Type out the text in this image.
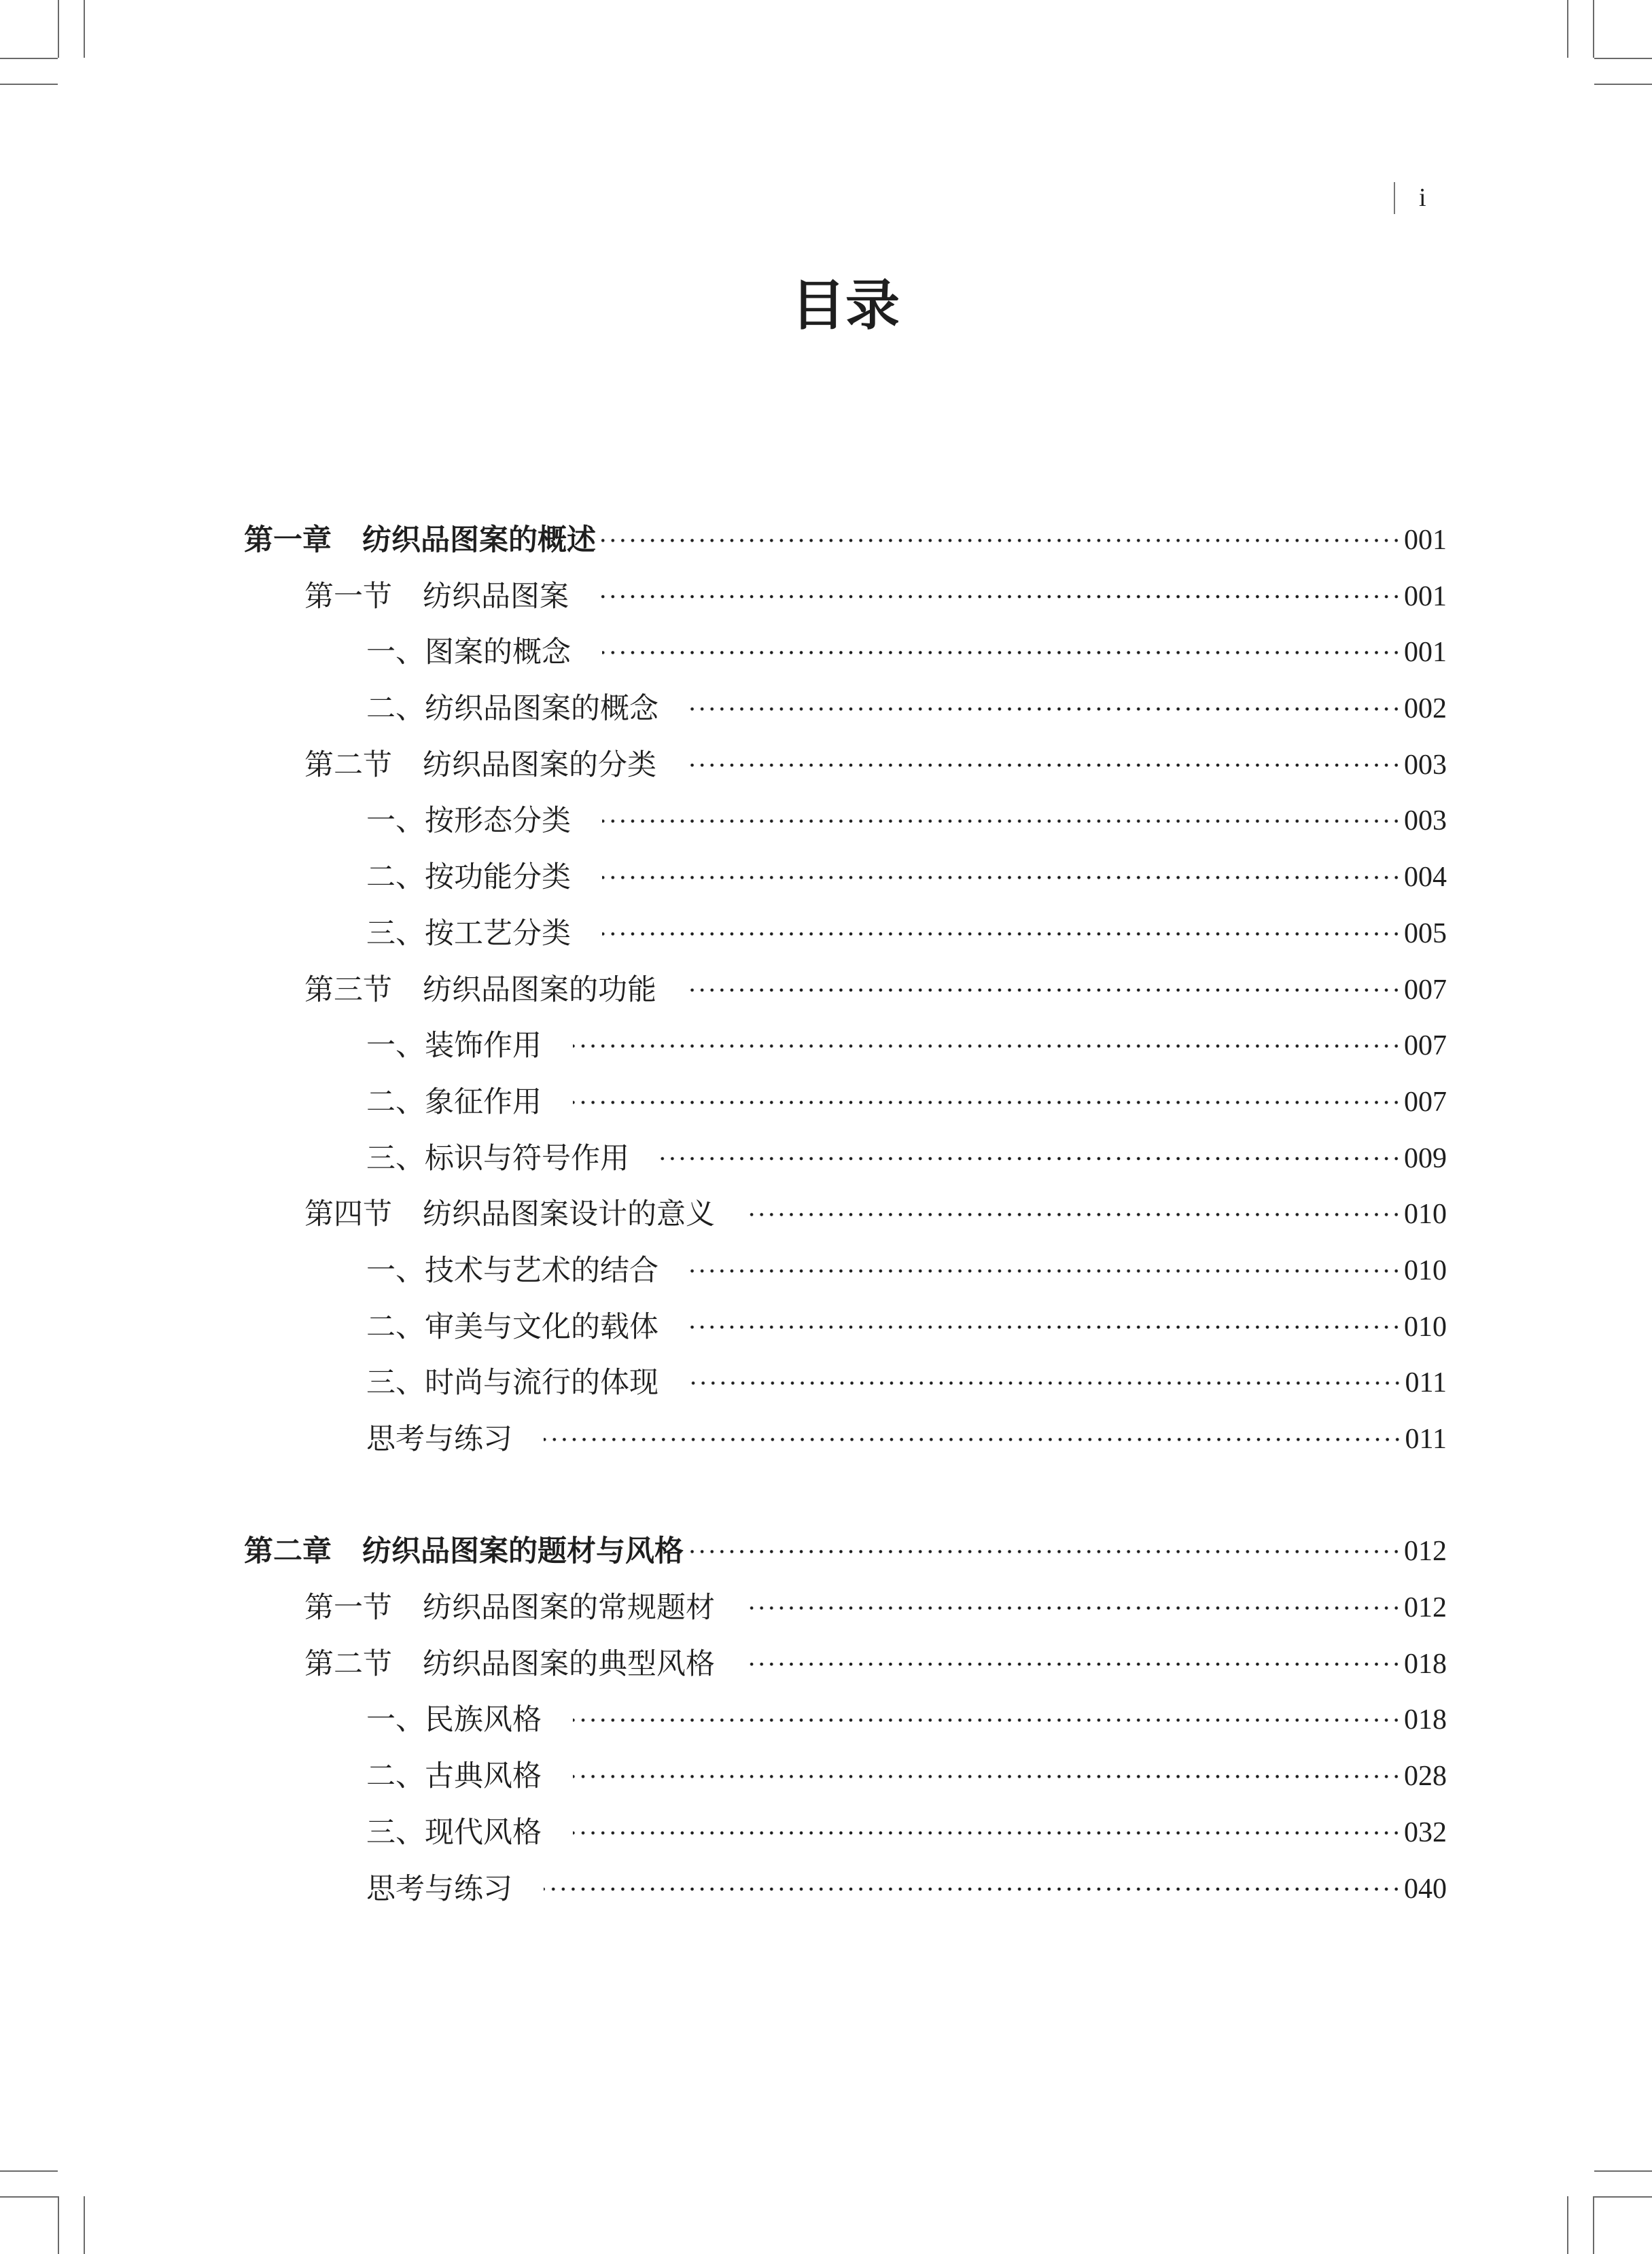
i
目录
第一章 纺织品图案的概述	001
第一节 纺织品图案	001
一、图案的概念	001
二、纺织品图案的概念	002
第二节 纺织品图案的分类	003
一、按形态分类	003
二、按功能分类	004
三、按工艺分类	005
第三节 纺织品图案的功能	007
一、装饰作用	007
二、象征作用	007
三、标识与符号作用	009
第四节 纺织品图案设计的意义	010
一、技术与艺术的结合	010
二、审美与文化的载体	010
三、时尚与流行的体现	011
思考与练习	011
第二章 纺织品图案的题材与风格	012
第一节 纺织品图案的常规题材	012
第二节 纺织品图案的典型风格	018
一、民族风格	018
二、古典风格	028
三、现代风格	032
思考与练习	040
